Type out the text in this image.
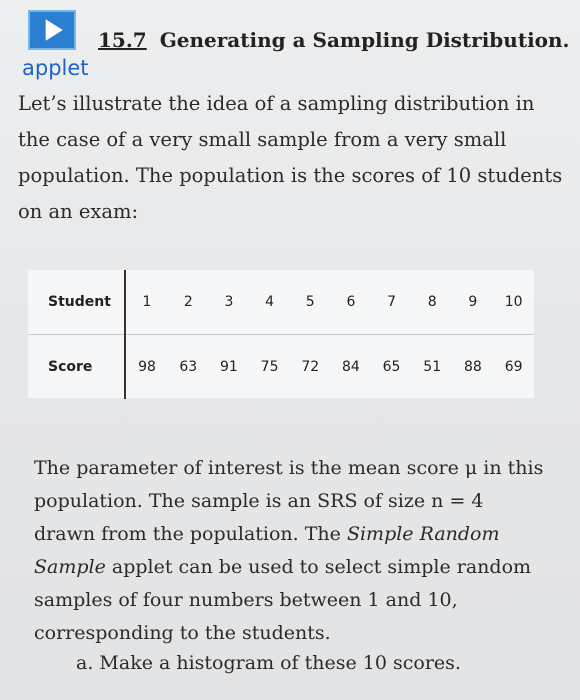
applet
15.7 Generating a Sampling Distribution.
Let’s illustrate the idea of a sampling distribution in the case of a very small sample from a very small population. The population is the scores of 10 students on an exam:
Student	1	2	3	4	5	6	7	8	9	10
Score	98	63	91	75	72	84	65	51	88	69
The parameter of interest is the mean score μ in this population. The sample is an SRS of size n = 4 drawn from the population. The Simple Random Sample applet can be used to select simple random samples of four numbers between 1 and 10, corresponding to the students.
a. Make a histogram of these 10 scores.
